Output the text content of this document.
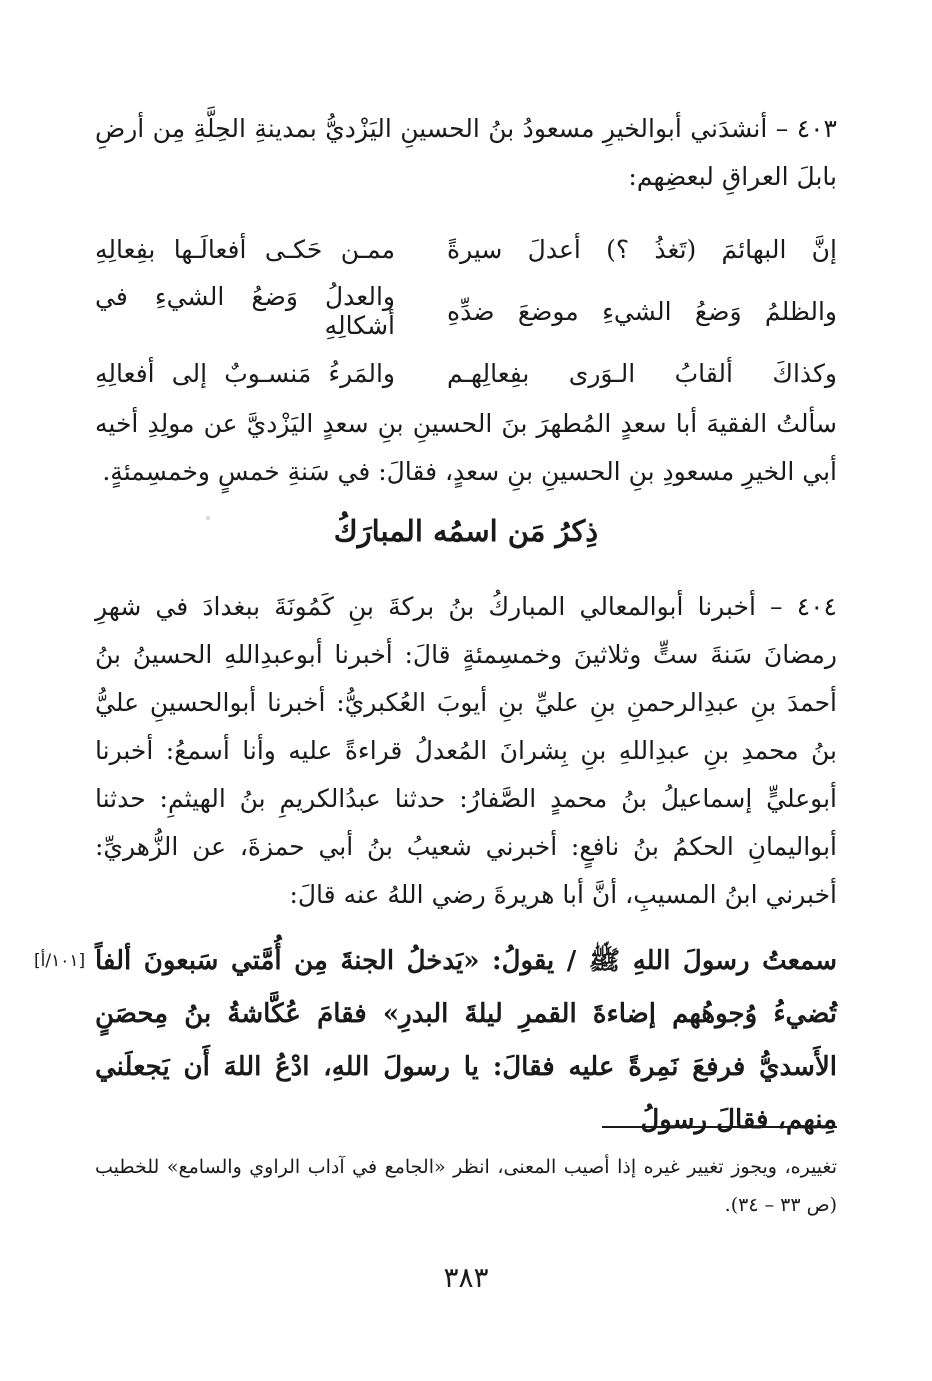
٤٠٣ – أنشدَني أبوالخيرِ مسعودُ بنُ الحسينِ اليَزْديُّ بمدينةِ الحِلَّةِ مِن أرضِ بابلَ العراقِ لبعضِهم:

إنَّ البهائمَ (تَغذُ ؟) أعدلَ سيرةً
ممـن حَكـى أفعالَـها بفِعالِهِ
والظلمُ وَضعُ الشيءِ موضعَ ضدِّهِ
والعدلُ وَضعُ الشيءِ في أشكالِهِ
وكذاكَ ألقابُ الـوَرى بفِعالِهـم
والمَرءُ مَنسـوبٌ إلى أفعالِهِ

سألتُ الفقيهَ أبا سعدٍ المُطهرَ بنَ الحسينِ بنِ سعدٍ اليَزْديَّ عن مولِدِ أخيه أبي الخيرِ مسعودِ بنِ الحسينِ بنِ سعدٍ، فقالَ: في سَنةِ خمسٍ وخمسِمئةٍ.

ذِكرُ مَن اسمُه المبارَكُ

٤٠٤ – أخبرنا أبوالمعالي المباركُ بنُ بركةَ بنِ كَمُونَةَ ببغدادَ في شهرِ رمضانَ سَنةَ ستٍّ وثلاثينَ وخمسِمئةٍ قالَ: أخبرنا أبوعبدِاللهِ الحسينُ بنُ أحمدَ بنِ عبدِالرحمنِ بنِ عليِّ بنِ أيوبَ العُكبريُّ: أخبرنا أبوالحسينِ عليُّ بنُ محمدِ بنِ عبدِاللهِ بنِ بِشرانَ المُعدلُ قراءةً عليه وأنا أسمعُ: أخبرنا أبوعليٍّ إسماعيلُ بنُ محمدٍ الصَّفارُ: حدثنا عبدُالكريمِ بنُ الهيثمِ: حدثنا أبواليمانِ الحكمُ بنُ نافعٍ: أخبرني شعيبُ بنُ أبي حمزةَ، عن الزُّهريِّ: أخبرني ابنُ المسيبِ، أنَّ أبا هريرةَ رضي اللهُ عنه قالَ:

[١٠١/أ] سمعتُ رسولَ اللهِ ﷺ / يقولُ: «يَدخلُ الجنةَ مِن أُمَّتي سَبعونَ ألفاً تُضيءُ وُجوهُهم إضاءةَ القمرِ ليلةَ البدرِ» فقامَ عُكَّاشةُ بنُ مِحصَنٍ الأَسديُّ فرفعَ نَمِرةً عليه فقالَ: يا رسولَ اللهِ، ادْعُ اللهَ أَن يَجعلَني مِنهم، فقالَ رسولُ

تغييره، ويجوز تغيير غيره إذا أصيب المعنى، انظر «الجامع في آداب الراوي والسامع» للخطيب (ص ٣٣ – ٣٤).

٣٨٣
